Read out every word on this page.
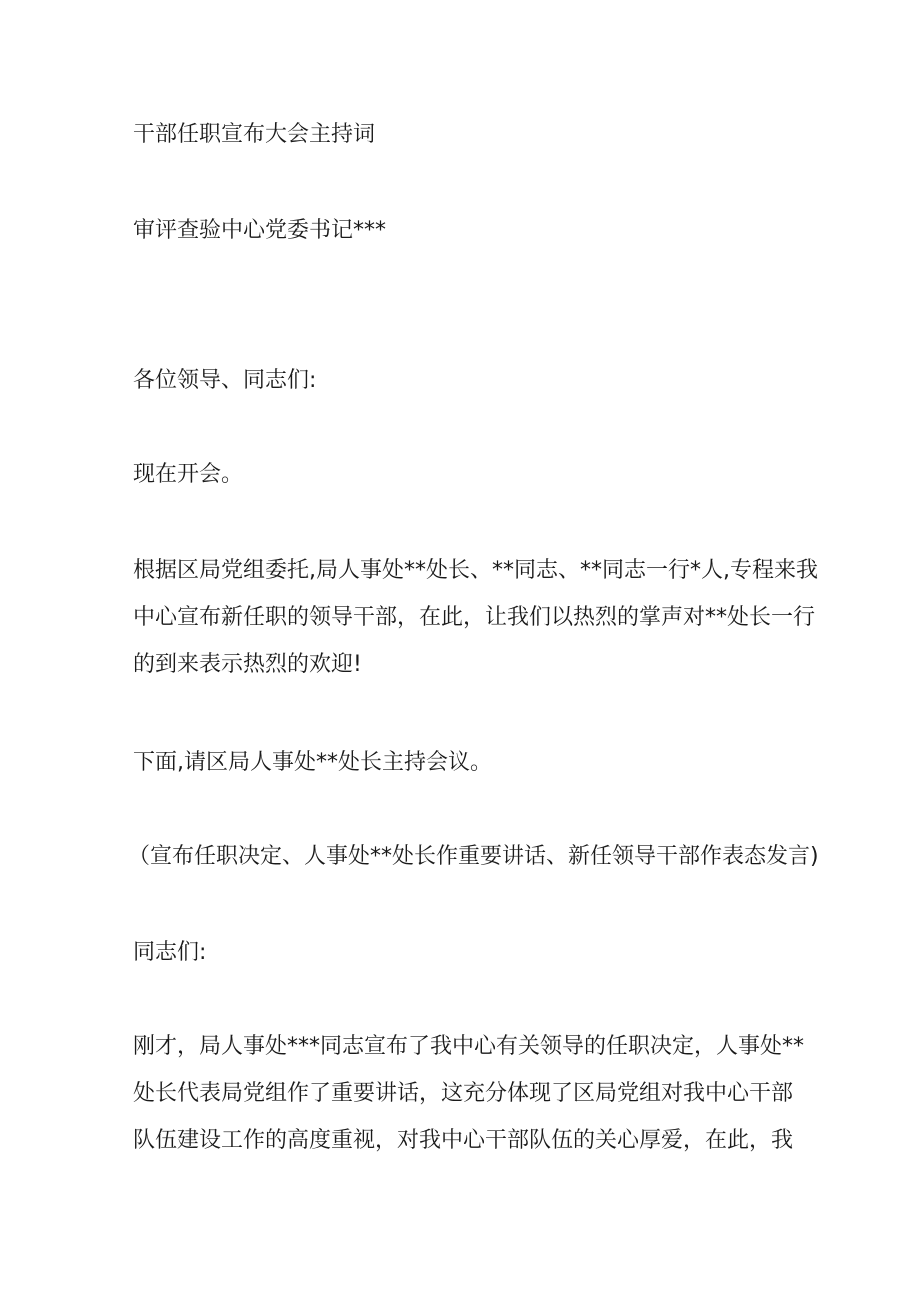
干部任职宣布大会主持词
审评查验中心党委书记***
各位领导、同志们:
现在开会。
根据区局党组委托,局人事处**处长、**同志、**同志一行*人,专程来我
中心宣布新任职的领导干部，在此，让我们以热烈的掌声对**处长一行
的到来表示热烈的欢迎!
下面,请区局人事处**处长主持会议。
（宣布任职决定、人事处**处长作重要讲话、新任领导干部作表态发言)
同志们:
刚才，局人事处***同志宣布了我中心有关领导的任职决定，人事处**
处长代表局党组作了重要讲话，这充分体现了区局党组对我中心干部
队伍建设工作的高度重视，对我中心干部队伍的关心厚爱，在此，我
